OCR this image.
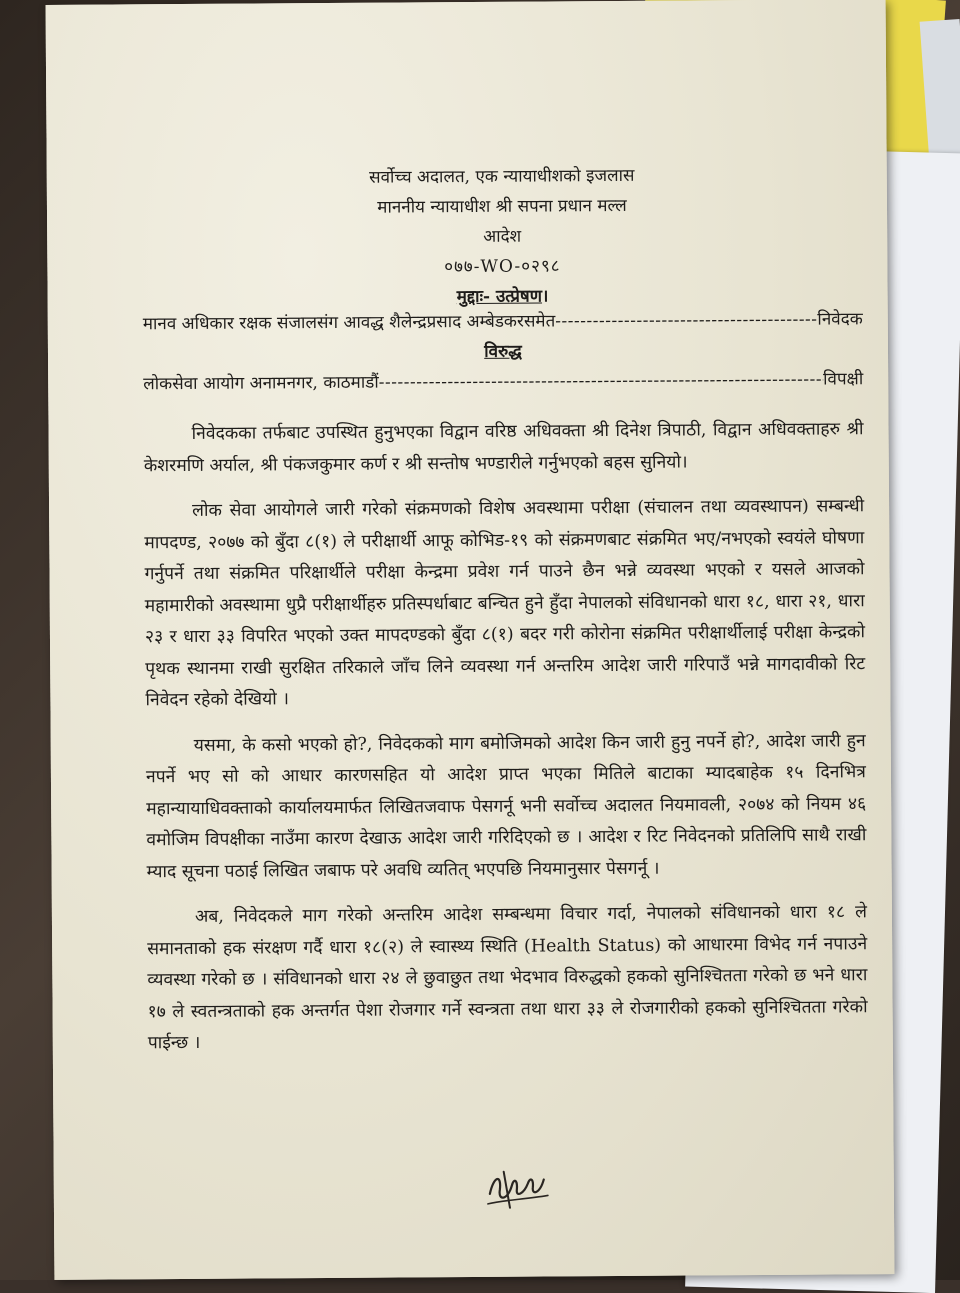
सर्वोच्च अदालत, एक न्यायाधीशको इजलास
माननीय न्यायाधीश श्री सपना प्रधान मल्ल
आदेश
०७७-WO-०२९८
मुद्दाः- उत्प्रेषण।
मानव अधिकार रक्षक संजालसंग आवद्ध शैलेन्द्रप्रसाद अम्बेडकरसमेत -----	निवेदक
विरुद्ध
लोकसेवा आयोग अनामनगर, काठमाडौं -----	विपक्षी

निवेदकका तर्फबाट उपस्थित हुनुभएका विद्वान वरिष्ठ अधिवक्ता श्री दिनेश त्रिपाठी, विद्वान अधिवक्ताहरु श्री केशरमणि अर्याल, श्री पंकजकुमार कर्ण र श्री सन्तोष भण्डारीले गर्नुभएको बहस सुनियो।

लोक सेवा आयोगले जारी गरेको संक्रमणको विशेष अवस्थामा परीक्षा (संचालन तथा व्यवस्थापन) सम्बन्धी मापदण्ड, २०७७ को बुँदा ८(१) ले परीक्षार्थी आफू कोभिड-१९ को संक्रमणबाट संक्रमित भए/नभएको स्वयंले घोषणा गर्नुपर्ने तथा संक्रमित परिक्षार्थीले परीक्षा केन्द्रमा प्रवेश गर्न पाउने छैन भन्ने व्यवस्था भएको र यसले आजको महामारीको अवस्थामा धुप्रै परीक्षार्थीहरु प्रतिस्पर्धाबाट बन्चित हुने हुँदा नेपालको संविधानको धारा १८, धारा २१, धारा २३ र धारा ३३ विपरित भएको उक्त मापदण्डको बुँदा ८(१) बदर गरी कोरोना संक्रमित परीक्षार्थीलाई परीक्षा केन्द्रको पृथक स्थानमा राखी सुरक्षित तरिकाले जाँच लिने व्यवस्था गर्न अन्तरिम आदेश जारी गरिपाउँ भन्ने मागदावीको रिट निवेदन रहेको देखियो ।

यसमा, के कसो भएको हो?, निवेदकको माग बमोजिमको आदेश किन जारी हुनु नपर्ने हो?, आदेश जारी हुन नपर्ने भए सो को आधार कारणसहित यो आदेश प्राप्त भएका मितिले बाटाका म्यादबाहेक १५ दिनभित्र महान्यायाधिवक्ताको कार्यालयमार्फत लिखितजवाफ पेसगर्नू भनी सर्वोच्च अदालत नियमावली, २०७४ को नियम ४६ वमोजिम विपक्षीका नाउँमा कारण देखाऊ आदेश जारी गरिदिएको छ । आदेश र रिट निवेदनको प्रतिलिपि साथै राखी म्याद सूचना पठाई लिखित जबाफ परे अवधि व्यतित् भएपछि नियमानुसार पेसगर्नू ।

अब, निवेदकले माग गरेको अन्तरिम आदेश सम्बन्धमा विचार गर्दा, नेपालको संविधानको धारा १८ ले समानताको हक संरक्षण गर्दै धारा १८(२) ले स्वास्थ्य स्थिति (Health Status) को आधारमा विभेद गर्न नपाउने व्यवस्था गरेको छ । संविधानको धारा २४ ले छुवाछुत तथा भेदभाव विरुद्धको हकको सुनिश्चितता गरेको छ भने धारा १७ ले स्वतन्त्रताको हक अन्तर्गत पेशा रोजगार गर्ने स्वन्त्रता तथा धारा ३३ ले रोजगारीको हकको सुनिश्चितता गरेको पाईन्छ ।
